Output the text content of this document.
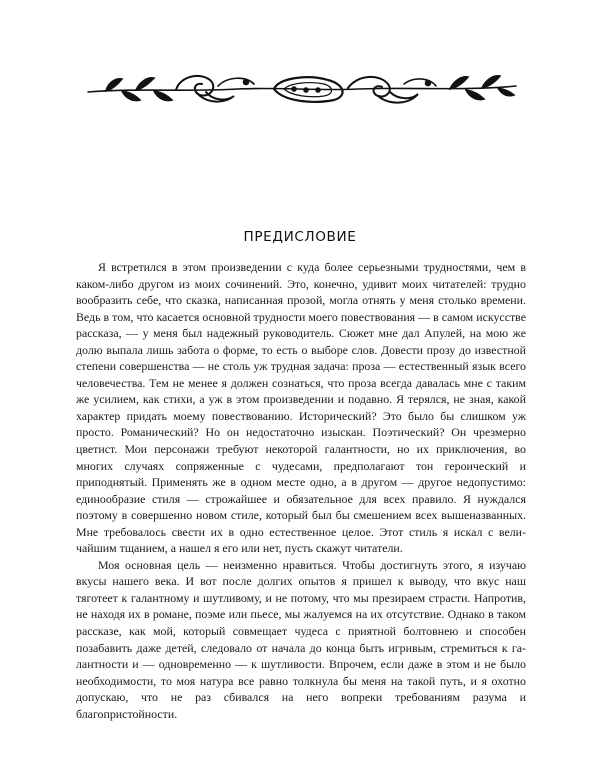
ПРЕДИСЛОВИЕ

Я встретился в этом произведении с куда более серьезными трудностями, чем в каком-либо другом из моих сочинений. Это, конечно, удивит моих читателей: трудно вообразить себе, что сказка, написанная прозой, могла отнять у меня столько времени. Ведь в том, что касается основной трудности моего повествования — в самом искусстве рассказа, — у меня был надежный руководитель. Сюжет мне дал Апулей, на мою же долю выпала лишь забота о форме, то есть о выборе слов. Довести прозу до известной степени совершенства — не столь уж трудная задача: проза — естественный язык всего человечества. Тем не менее я должен сознаться, что проза всегда давалась мне с таким же усилием, как стихи, а уж в этом произведении и подавно. Я терялся, не зная, какой характер придать моему повествованию. Исторический? Это было бы слишком уж просто. Романический? Но он недостаточно изыскан. Поэтический? Он чрезмерно цветист. Мои персонажи требуют некоторой галантности, но их приключения, во многих случаях сопряженные с чудесами, предполагают тон героический и приподнятый. Применять же в одном месте одно, а в другом — другое недопустимо: единообразие стиля — строжайшее и обязательное для всех правило. Я нуждался поэтому в совершенно новом стиле, который был бы смешением всех вышеназванных. Мне требовалось свести их в одно естественное целое. Этот стиль я искал с величайшим тщанием, а нашел я его или нет, пусть скажут читатели.

Моя основная цель — неизменно нравиться. Чтобы достигнуть этого, я изучаю вкусы нашего века. И вот после долгих опытов я пришел к выводу, что вкус наш тяготеет к галантному и шутливому, и не потому, что мы презираем страсти. Напротив, не находя их в романе, поэме или пьесе, мы жалуемся на их отсутствие. Однако в таком рассказе, как мой, который совмещает чудеса с приятной болтовнею и способен позабавить даже детей, следовало от начала до конца быть игривым, стремиться к галантности и — одновременно — к шутливости. Впрочем, если даже в этом и не было необходимости, то моя натура все равно толкнула бы меня на такой путь, и я охотно допускаю, что не раз сбивался на него вопреки требованиям разума и благопристойности.
